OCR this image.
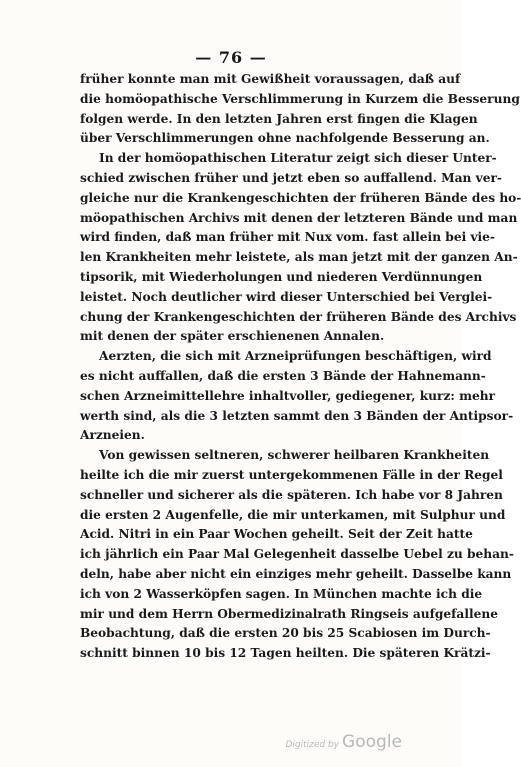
— 76 —
früher konnte man mit Gewißheit voraussagen, daß auf
die homöopathische Verschlimmerung in Kurzem die Besserung
folgen werde. In den letzten Jahren erst fingen die Klagen
über Verschlimmerungen ohne nachfolgende Besserung an.
In der homöopathischen Literatur zeigt sich dieser Unter-
schied zwischen früher und jetzt eben so auffallend. Man ver-
gleiche nur die Krankengeschichten der früheren Bände des ho-
möopathischen Archivs mit denen der letzteren Bände und man
wird finden, daß man früher mit Nux vom. fast allein bei vie-
len Krankheiten mehr leistete, als man jetzt mit der ganzen An-
tipsorik, mit Wiederholungen und niederen Verdünnungen
leistet. Noch deutlicher wird dieser Unterschied bei Verglei-
chung der Krankengeschichten der früheren Bände des Archivs
mit denen der später erschienenen Annalen.
Aerzten, die sich mit Arzneiprüfungen beschäftigen, wird
es nicht auffallen, daß die ersten 3 Bände der Hahnemann-
schen Arzneimittellehre inhaltvoller, gediegener, kurz: mehr
werth sind, als die 3 letzten sammt den 3 Bänden der Antipsor-
Arzneien.
Von gewissen seltneren, schwerer heilbaren Krankheiten
heilte ich die mir zuerst untergekommenen Fälle in der Regel
schneller und sicherer als die späteren. Ich habe vor 8 Jahren
die ersten 2 Augenfelle, die mir unterkamen, mit Sulphur und
Acid. Nitri in ein Paar Wochen geheilt. Seit der Zeit hatte
ich jährlich ein Paar Mal Gelegenheit dasselbe Uebel zu behan-
deln, habe aber nicht ein einziges mehr geheilt. Dasselbe kann
ich von 2 Wasserköpfen sagen. In München machte ich die
mir und dem Herrn Obermedizinalrath Ringseis aufgefallene
Beobachtung, daß die ersten 20 bis 25 Scabiosen im Durch-
schnitt binnen 10 bis 12 Tagen heilten. Die späteren Krätzi-
Digitized by Google
